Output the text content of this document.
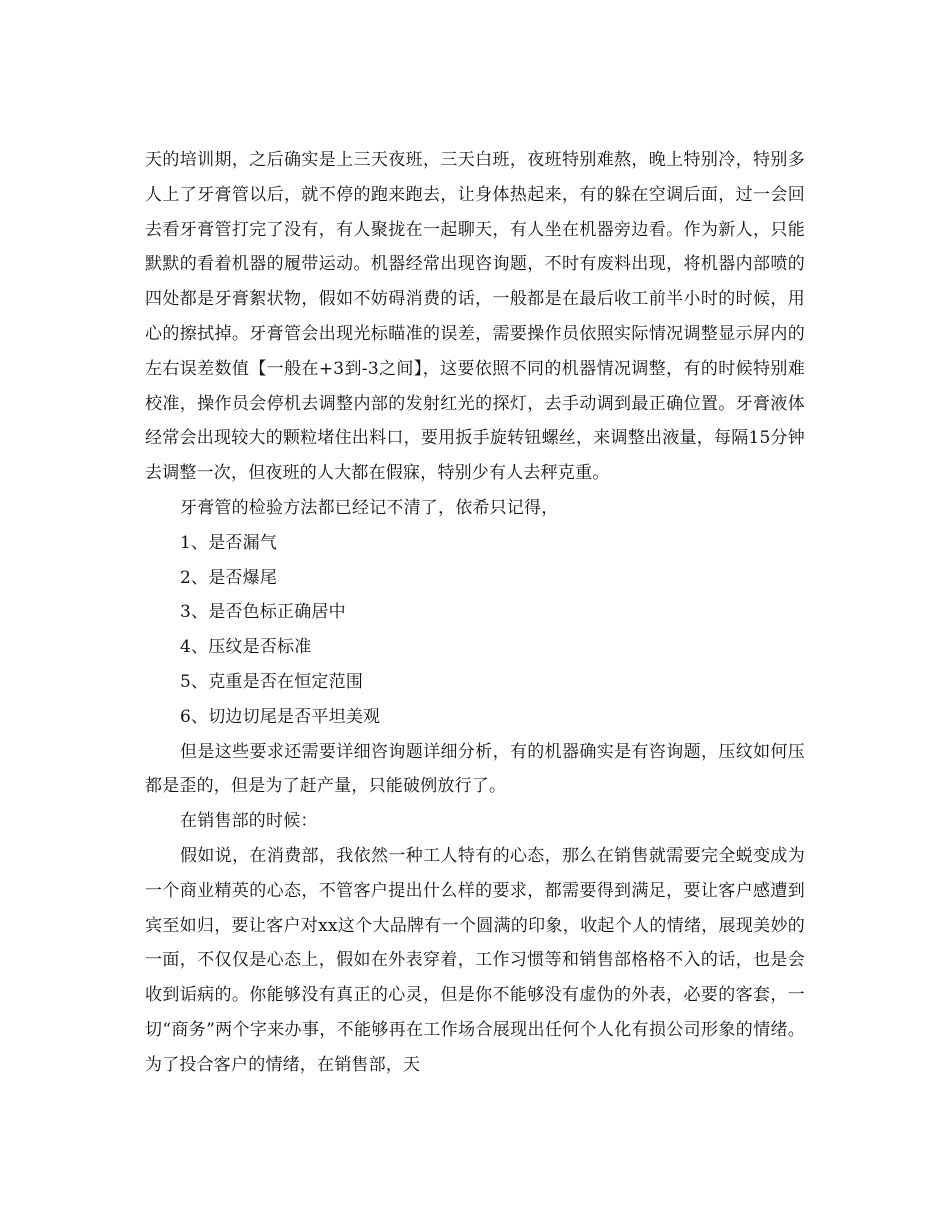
天的培训期，之后确实是上三天夜班，三天白班，夜班特别难熬，晚上特别冷，特别多人上了牙膏管以后，就不停的跑来跑去，让身体热起来，有的躲在空调后面，过一会回去看牙膏管打完了没有，有人聚拢在一起聊天，有人坐在机器旁边看。作为新人，只能默默的看着机器的履带运动。机器经常出现咨询题，不时有废料出现，将机器内部喷的四处都是牙膏絮状物，假如不妨碍消费的话，一般都是在最后收工前半小时的时候，用心的擦拭掉。牙膏管会出现光标瞄准的误差，需要操作员依照实际情况调整显示屏内的左右误差数值【一般在+3到-3之间】，这要依照不同的机器情况调整，有的时候特别难校准，操作员会停机去调整内部的发射红光的探灯，去手动调到最正确位置。牙膏液体经常会出现较大的颗粒堵住出料口，要用扳手旋转钮螺丝，来调整出液量，每隔15分钟去调整一次，但夜班的人大都在假寐，特别少有人去秤克重。

牙膏管的检验方法都已经记不清了，依希只记得，

1、是否漏气

2、是否爆尾

3、是否色标正确居中

4、压纹是否标准

5、克重是否在恒定范围

6、切边切尾是否平坦美观

但是这些要求还需要详细咨询题详细分析，有的机器确实是有咨询题，压纹如何压都是歪的，但是为了赶产量，只能破例放行了。

在销售部的时候：

假如说，在消费部，我依然一种工人特有的心态，那么在销售就需要完全蜕变成为一个商业精英的心态，不管客户提出什么样的要求，都需要得到满足，要让客户感遭到宾至如归，要让客户对xx这个大品牌有一个圆满的印象，收起个人的情绪，展现美妙的一面，不仅仅是心态上，假如在外表穿着，工作习惯等和销售部格格不入的话，也是会收到诟病的。你能够没有真正的心灵，但是你不能够没有虚伪的外表，必要的客套，一切“商务”两个字来办事，不能够再在工作场合展现出任何个人化有损公司形象的情绪。为了投合客户的情绪，在销售部，天
